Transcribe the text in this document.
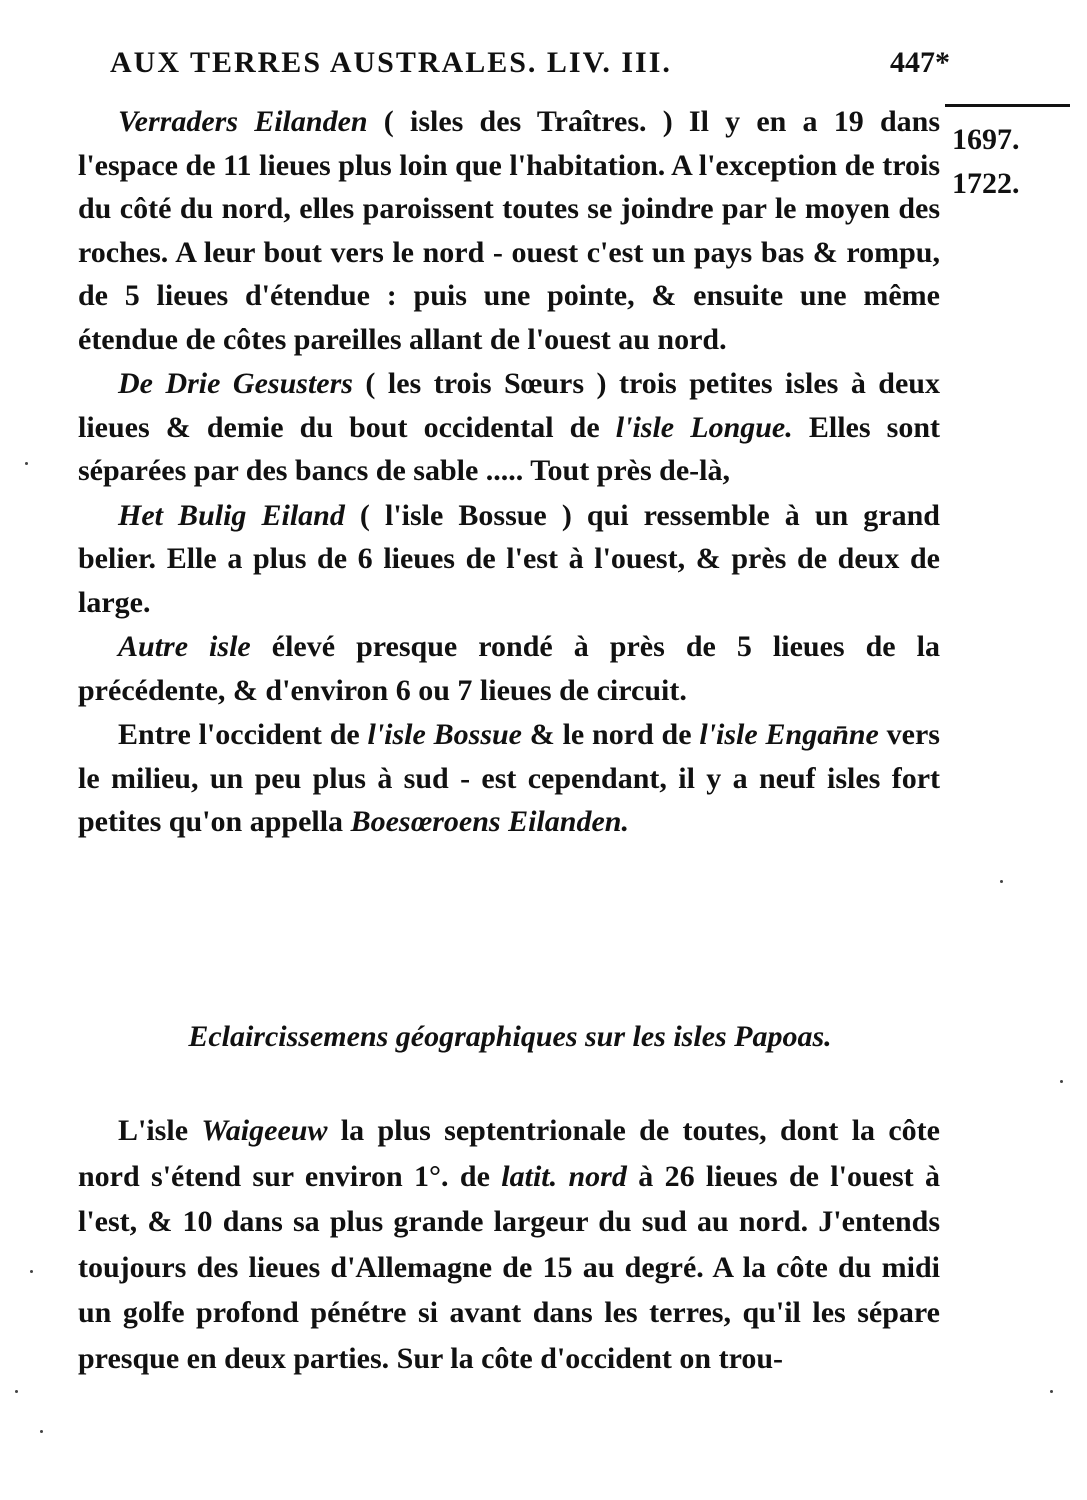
AUX TERRES AUSTRALES. LIV. III.	447*
1697.
1722.

Verraders Eilanden ( isles des Traîtres. ) Il y en a 19 dans l'espace de 11 lieues plus loin que l'habitation. A l'exception de trois du côté du nord, elles paroissent toutes se joindre par le moyen des roches. A leur bout vers le nord - ouest c'est un pays bas & rompu, de 5 lieues d'étendue : puis une pointe, & ensuite une même étendue de côtes pareilles allant de l'ouest au nord.

De Drie Gesusters ( les trois Sœurs ) trois petites isles à deux lieues & demie du bout occidental de l'isle Longue. Elles sont séparées par des bancs de sable ..... Tout près de-là,

Het Bulig Eiland ( l'isle Bossue ) qui ressemble à un grand belier. Elle a plus de 6 lieues de l'est à l'ouest, & près de deux de large.

Autre isle élevé presque rondé à près de 5 lieues de la précédente, & d'environ 6 ou 7 lieues de circuit.

Entre l'occident de l'isle Bossue & le nord de l'isle Engan̄ne vers le milieu, un peu plus à sud - est cependant, il y a neuf isles fort petites qu'on appella Boesœroens Eilanden.

Eclaircissemens géographiques sur les isles Papoas.

L'isle Waigeeuw la plus septentrionale de toutes, dont la côte nord s'étend sur environ 1°. de latit. nord à 26 lieues de l'ouest à l'est, & 10 dans sa plus grande largeur du sud au nord. J'entends toujours des lieues d'Allemagne de 15 au degré. A la côte du midi un golfe profond pénétre si avant dans les terres, qu'il les sépare presque en deux parties. Sur la côte d'occident on trou-
